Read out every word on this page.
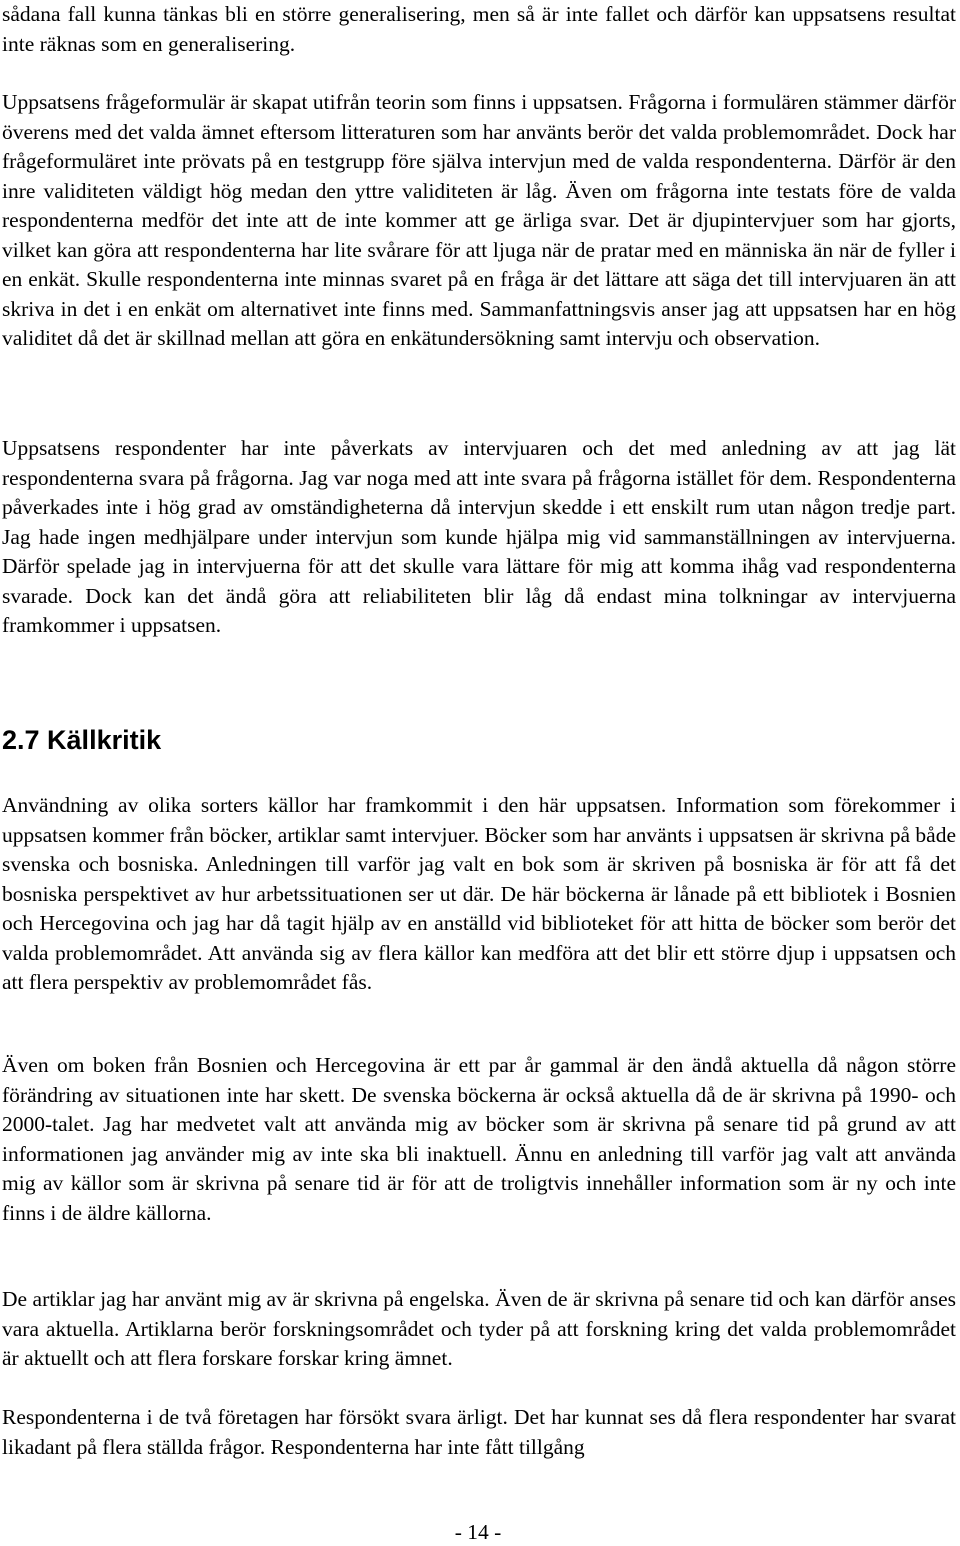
sådana fall kunna tänkas bli en större generalisering, men så är inte fallet och därför kan uppsatsens resultat inte räknas som en generalisering.

Uppsatsens frågeformulär är skapat utifrån teorin som finns i uppsatsen. Frågorna i formulären stämmer därför överens med det valda ämnet eftersom litteraturen som har använts berör det valda problemområdet. Dock har frågeformuläret inte prövats på en testgrupp före själva intervjun med de valda respondenterna. Därför är den inre validiteten väldigt hög medan den yttre validiteten är låg. Även om frågorna inte testats före de valda respondenterna medför det inte att de inte kommer att ge ärliga svar. Det är djupintervjuer som har gjorts, vilket kan göra att respondenterna har lite svårare för att ljuga när de pratar med en människa än när de fyller i en enkät. Skulle respondenterna inte minnas svaret på en fråga är det lättare att säga det till intervjuaren än att skriva in det i en enkät om alternativet inte finns med. Sammanfattningsvis anser jag att uppsatsen har en hög validitet då det är skillnad mellan att göra en enkätundersökning samt intervju och observation.

Uppsatsens respondenter har inte påverkats av intervjuaren och det med anledning av att jag lät respondenterna svara på frågorna. Jag var noga med att inte svara på frågorna istället för dem. Respondenterna påverkades inte i hög grad av omständigheterna då intervjun skedde i ett enskilt rum utan någon tredje part. Jag hade ingen medhjälpare under intervjun som kunde hjälpa mig vid sammanställningen av intervjuerna. Därför spelade jag in intervjuerna för att det skulle vara lättare för mig att komma ihåg vad respondenterna svarade. Dock kan det ändå göra att reliabiliteten blir låg då endast mina tolkningar av intervjuerna framkommer i uppsatsen.

2.7 Källkritik

Användning av olika sorters källor har framkommit i den här uppsatsen. Information som förekommer i uppsatsen kommer från böcker, artiklar samt intervjuer. Böcker som har använts i uppsatsen är skrivna på både svenska och bosniska. Anledningen till varför jag valt en bok som är skriven på bosniska är för att få det bosniska perspektivet av hur arbetssituationen ser ut där. De här böckerna är lånade på ett bibliotek i Bosnien och Hercegovina och jag har då tagit hjälp av en anställd vid biblioteket för att hitta de böcker som berör det valda problemområdet. Att använda sig av flera källor kan medföra att det blir ett större djup i uppsatsen och att flera perspektiv av problemområdet fås.

Även om boken från Bosnien och Hercegovina är ett par år gammal är den ändå aktuella då någon större förändring av situationen inte har skett. De svenska böckerna är också aktuella då de är skrivna på 1990- och 2000-talet. Jag har medvetet valt att använda mig av böcker som är skrivna på senare tid på grund av att informationen jag använder mig av inte ska bli inaktuell. Ännu en anledning till varför jag valt att använda mig av källor som är skrivna på senare tid är för att de troligtvis innehåller information som är ny och inte finns i de äldre källorna.

De artiklar jag har använt mig av är skrivna på engelska. Även de är skrivna på senare tid och kan därför anses vara aktuella. Artiklarna berör forskningsområdet och tyder på att forskning kring det valda problemområdet är aktuellt och att flera forskare forskar kring ämnet.

Respondenterna i de två företagen har försökt svara ärligt. Det har kunnat ses då flera respondenter har svarat likadant på flera ställda frågor. Respondenterna har inte fått tillgång

- 14 -
